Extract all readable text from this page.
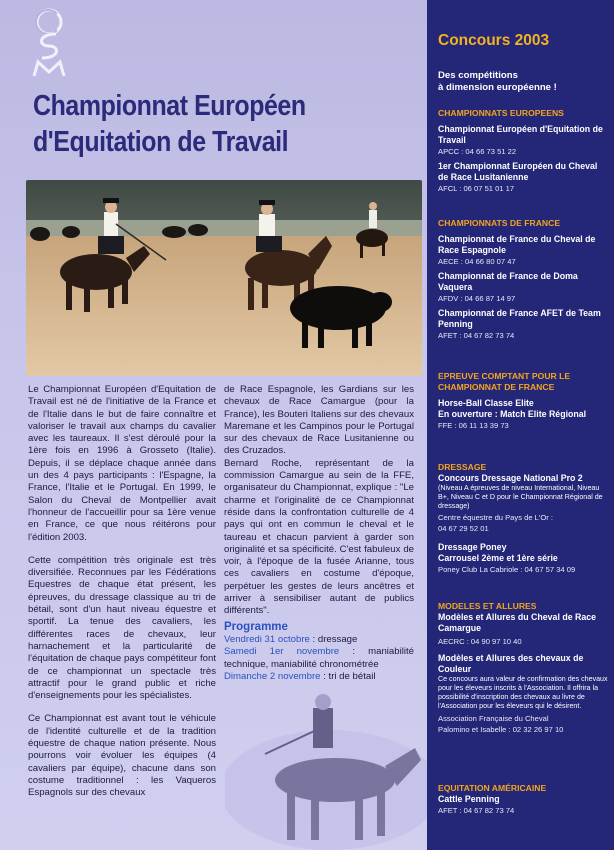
Championnat Européen
d'Equitation de Travail

Le Championnat Européen d'Equitation de Travail est né de l'initiative de la France et de l'Italie dans le but de faire connaître et valoriser le travail aux champs du cavalier avec les taureaux. Il s'est déroulé pour la 1ère fois en 1996 à Grosseto (Italie). Depuis, il se déplace chaque année dans un des 4 pays participants : l'Espagne, la France, l'Italie et le Portugal. En 1999, le Salon du Cheval de Montpellier avait l'honneur de l'accueillir pour sa 1ère venue en France, ce que nous réitérons pour l'édition 2003.

Cette compétition très originale est très diversifiée. Reconnues par les Fédérations Equestres de chaque état présent, les épreuves, du dressage classique au tri de bétail, sont d'un haut niveau équestre et sportif. La tenue des cavaliers, les différentes races de chevaux, leur harnachement et la particularité de l'équitation de chaque pays compétiteur font de ce championnat un spectacle très attractif pour le grand public et riche d'enseignements pour les spécialistes.

Ce Championnat est avant tout le véhicule de l'identité culturelle et de la tradition équestre de chaque nation présente. Nous pourrons voir évoluer les équipes (4 cavaliers par équipe), chacune dans son costume traditionnel : les Vaqueros Espagnols sur des chevaux

de Race Espagnole, les Gardians sur les chevaux de Race Camargue (pour la France), les Bouteri Italiens sur des chevaux Maremane et les Campinos pour le Portugal sur des chevaux de Race Lusitanienne ou des Cruzados.

Bernard Roche, représentant de la commission Camargue au sein de la FFE, organisateur du Championnat, explique : "Le charme et l'originalité de ce Championnat réside dans la confrontation culturelle de 4 pays qui ont en commun le cheval et le taureau et chacun parvient à garder son originalité et sa spécificité. C'est fabuleux de voir, à l'époque de la fusée Arianne, tous ces cavaliers en costume d'époque, perpétuer les gestes de leurs ancêtres et arriver à sensibiliser autant de publics différents".

Programme
Vendredi 31 octobre : dressage
Samedi 1er novembre : maniabilité technique, maniabilité chronométrée
Dimanche 2 novembre : tri de bétail
Concours 2003
Des compétitions
à dimension européenne !
CHAMPIONNATS EUROPEENS
Championnat Européen d'Equitation de Travail
APCC : 04 66 73 51 22
1er Championnat Européen du Cheval de Race Lusitanienne
AFCL : 06 07 51 01 17
CHAMPIONNATS DE FRANCE
Championnat de France du Cheval de Race Espagnole
AECE : 04 66 80 07 47
Championnat de France de Doma Vaquera
AFDV : 04 66 87 14 97
Championnat de France AFET de Team Penning
AFET : 04 67 82 73 74
EPREUVE COMPTANT POUR LE CHAMPIONNAT DE FRANCE
Horse-Ball Classe Elite
En ouverture : Match Elite Régional
FFE : 06 11 13 39 73
DRESSAGE
Concours Dressage National Pro 2
(Niveau A épreuves de niveau International, Niveau B+, Niveau C et D pour le Championnat Régional de dressage)
Centre équestre du Pays de L'Or :
04 67 29 52 01
Dressage Poney
Carrousel 2ème et 1ère série
Poney Club La Cabriole : 04 67 57 34 09
MODELES ET ALLURES
Modèles et Allures du Cheval de Race Camargue
AECRC : 04 90 97 10 40
Modèles et Allures des chevaux de Couleur
Ce concours aura valeur de confirmation des chevaux pour les éleveurs inscrits à l'Association. Il offrira la possibilité d'inscription des chevaux au livre de l'Association pour les éleveurs qui le désirent.
Association Française du Cheval
Palomino et Isabelle : 02 32 26 97 10
EQUITATION AMÉRICAINE
Cattle Penning
AFET : 04 67 82 73 74
